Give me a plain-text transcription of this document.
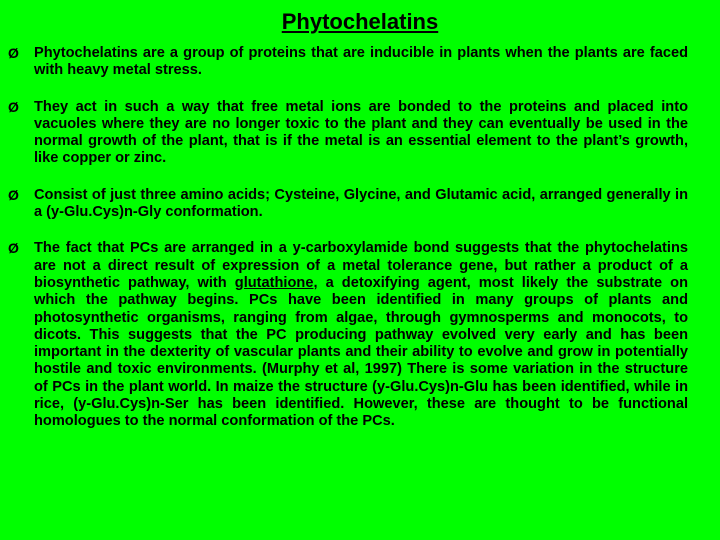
Phytochelatins
Ø Phytochelatins are a group of proteins that are inducible in plants when the plants are faced with heavy metal stress.
Ø They act in such a way that free metal ions are bonded to the proteins and placed into vacuoles where they are no longer toxic to the plant and they can eventually be used in the normal growth of the plant, that is if the metal is an essential element to the plant’s growth, like copper or zinc.
Ø Consist of just three amino acids; Cysteine, Glycine, and Glutamic acid, arranged generally in a (y-Glu.Cys)n-Gly conformation.
Ø The fact that PCs are arranged in a y-carboxylamide bond suggests that the phytochelatins are not a direct result of expression of a metal tolerance gene, but rather a product of a biosynthetic pathway, with glutathione, a detoxifying agent, most likely the substrate on which the pathway begins. PCs have been identified in many groups of plants and photosynthetic organisms, ranging from algae, through gymnosperms and monocots, to dicots. This suggests that the PC producing pathway evolved very early and has been important in the dexterity of vascular plants and their ability to evolve and grow in potentially hostile and toxic environments. (Murphy et al, 1997) There is some variation in the structure of PCs in the plant world. In maize the structure (y-Glu.Cys)n-Glu has been identified, while in rice, (y-Glu.Cys)n-Ser has been identified. However, these are thought to be functional homologues to the normal conformation of the PCs.
